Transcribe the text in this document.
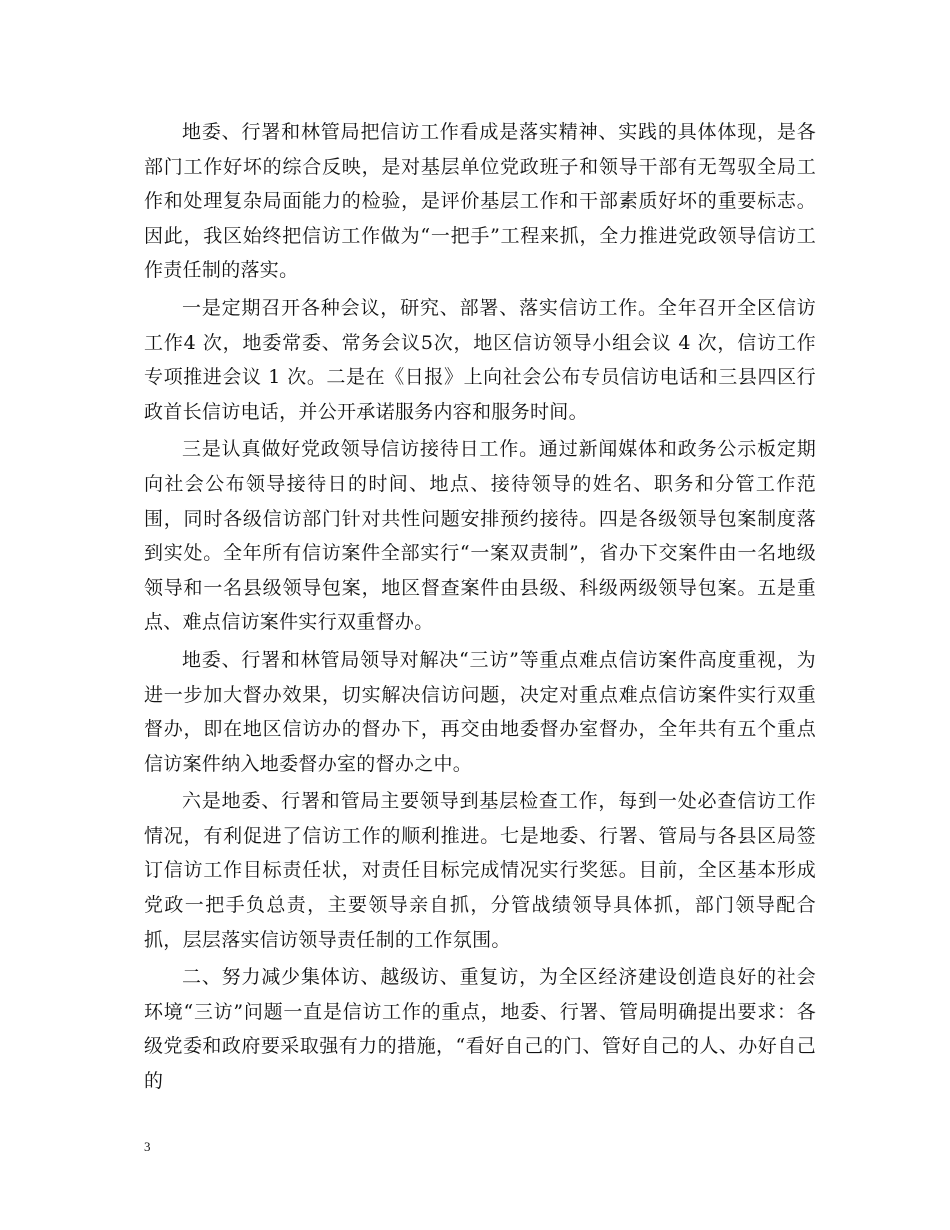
地委、行署和林管局把信访工作看成是落实精神、实践的具体体现，是各部门工作好坏的综合反映，是对基层单位党政班子和领导干部有无驾驭全局工作和处理复杂局面能力的检验，是评价基层工作和干部素质好坏的重要标志。因此，我区始终把信访工作做为“一把手”工程来抓，全力推进党政领导信访工作责任制的落实。

一是定期召开各种会议，研究、部署、落实信访工作。全年召开全区信访工作4 次，地委常委、常务会议5次，地区信访领导小组会议 4 次，信访工作专项推进会议 1 次。二是在《日报》上向社会公布专员信访电话和三县四区行政首长信访电话，并公开承诺服务内容和服务时间。

三是认真做好党政领导信访接待日工作。通过新闻媒体和政务公示板定期向社会公布领导接待日的时间、地点、接待领导的姓名、职务和分管工作范围，同时各级信访部门针对共性问题安排预约接待。四是各级领导包案制度落到实处。全年所有信访案件全部实行“一案双责制”，省办下交案件由一名地级领导和一名县级领导包案，地区督查案件由县级、科级两级领导包案。五是重点、难点信访案件实行双重督办。

地委、行署和林管局领导对解决“三访”等重点难点信访案件高度重视，为进一步加大督办效果，切实解决信访问题，决定对重点难点信访案件实行双重督办，即在地区信访办的督办下，再交由地委督办室督办，全年共有五个重点信访案件纳入地委督办室的督办之中。

六是地委、行署和管局主要领导到基层检查工作，每到一处必查信访工作情况，有利促进了信访工作的顺利推进。七是地委、行署、管局与各县区局签订信访工作目标责任状，对责任目标完成情况实行奖惩。目前，全区基本形成党政一把手负总责，主要领导亲自抓，分管战绩领导具体抓，部门领导配合抓，层层落实信访领导责任制的工作氛围。

二、努力减少集体访、越级访、重复访，为全区经济建设创造良好的社会环境“三访”问题一直是信访工作的重点，地委、行署、管局明确提出要求：各级党委和政府要采取强有力的措施，“看好自己的门、管好自己的人、办好自己的

3
